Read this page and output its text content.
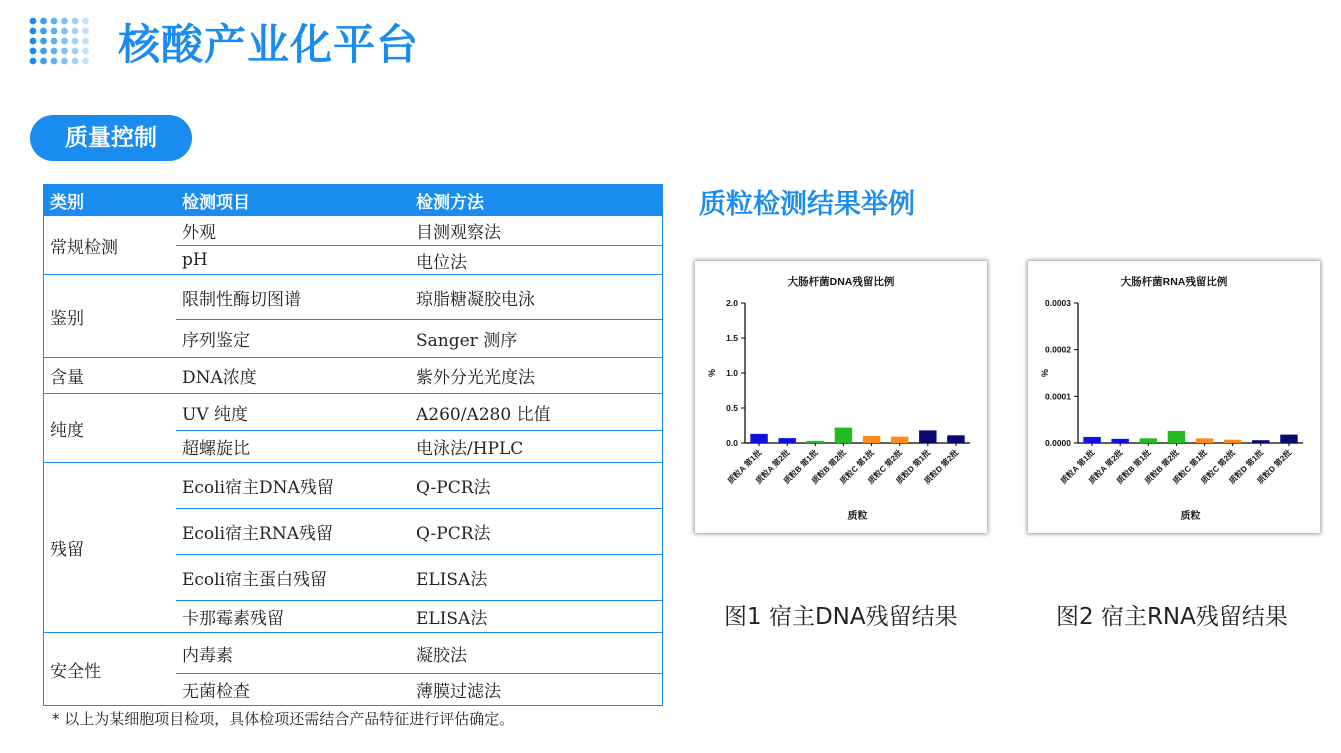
核酸产业化平台
质量控制
类别	检测项目	检测方法
常规检测	外观	目测观察法
	pH	电位法
鉴别	限制性酶切图谱	琼脂糖凝胶电泳
	序列鉴定	Sanger 测序
含量	DNA浓度	紫外分光光度法
纯度	UV 纯度	A260/A280 比值
	超螺旋比	电泳法/HPLC
残留	Ecoli宿主DNA残留	Q-PCR法
	Ecoli宿主RNA残留	Q-PCR法
	Ecoli宿主蛋白残留	ELISA法
	卡那霉素残留	ELISA法
安全性	内毒素	凝胶法
	无菌检查	薄膜过滤法
质粒检测结果举例
大肠杆菌DNA残留比例
0.0
0.5
1.0
1.5
2.0
%
质粒A 第1批
质粒A 第2批
质粒B 第1批
质粒B 第2批
质粒C 第1批
质粒C 第2批
质粒D 第1批
质粒D 第2批
质粒
大肠杆菌RNA残留比例
0.0000
0.0001
0.0002
0.0003
%
质粒A 第1批
质粒A 第2批
质粒B 第1批
质粒B 第2批
质粒C 第1批
质粒C 第2批
质粒D 第1批
质粒D 第2批
质粒
图1 宿主DNA残留结果	图2 宿主RNA残留结果
* 以上为某细胞项目检项，具体检项还需结合产品特征进行评估确定。
